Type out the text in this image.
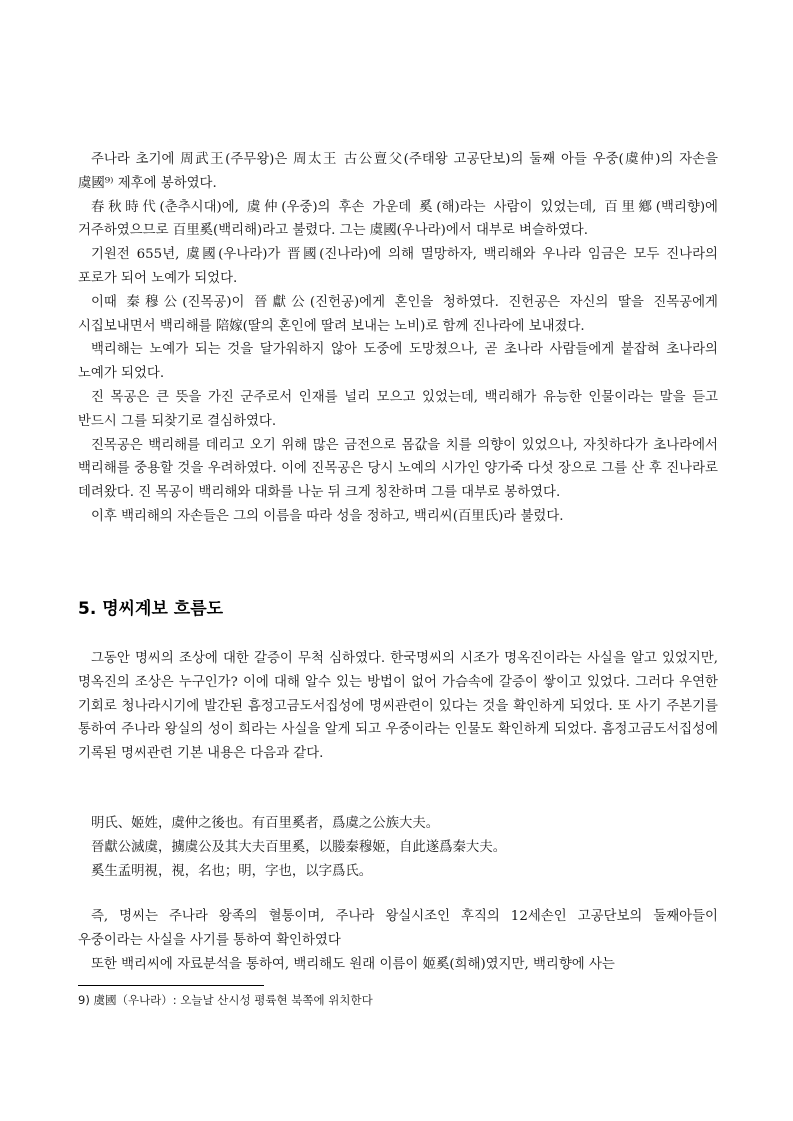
주나라 초기에 周武王(주무왕)은 周太王 古公亶父(주태왕 고공단보)의 둘째 아들 우중(虞仲)의 자손을 虞國⁹⁾ 제후에 봉하였다.

春秋時代(춘추시대)에, 虞仲(우중)의 후손 가운데 奚(해)라는 사람이 있었는데, 百里鄕(백리향)에 거주하였으므로 百里奚(백리해)라고 불렸다. 그는 虞國(우나라)에서 대부로 벼슬하였다.

기원전 655년, 虞國(우나라)가 晋國(진나라)에 의해 멸망하자, 백리해와 우나라 임금은 모두 진나라의 포로가 되어 노예가 되었다.

이때 秦穆公(진목공)이 晉獻公(진헌공)에게 혼인을 청하였다. 진헌공은 자신의 딸을 진목공에게 시집보내면서 백리해를 陪嫁(딸의 혼인에 딸려 보내는 노비)로 함께 진나라에 보내졌다.

백리해는 노예가 되는 것을 달가워하지 않아 도중에 도망쳤으나, 곧 초나라 사람들에게 붙잡혀 초나라의 노예가 되었다.

진 목공은 큰 뜻을 가진 군주로서 인재를 널리 모으고 있었는데, 백리해가 유능한 인물이라는 말을 듣고 반드시 그를 되찾기로 결심하였다.

진목공은 백리해를 데리고 오기 위해 많은 금전으로 몸값을 치를 의향이 있었으나, 자칫하다가 초나라에서 백리해를 중용할 것을 우려하였다. 이에 진목공은 당시 노예의 시가인 양가죽 다섯 장으로 그를 산 후 진나라로 데려왔다. 진 목공이 백리해와 대화를 나눈 뒤 크게 칭찬하며 그를 대부로 봉하였다.

이후 백리해의 자손들은 그의 이름을 따라 성을 정하고, 백리씨(百里氏)라 불렀다.

5. 명씨계보 흐름도

그동안 명씨의 조상에 대한 갈증이 무척 심하였다. 한국명씨의 시조가 명옥진이라는 사실을 알고 있었지만, 명옥진의 조상은 누구인가? 이에 대해 알수 있는 방법이 없어 가슴속에 갈증이 쌓이고 있었다. 그러다 우연한 기회로 청나라시기에 발간된 흠정고금도서집성에 명씨관련이 있다는 것을 확인하게 되었다. 또 사기 주본기를 통하여 주나라 왕실의 성이 희라는 사실을 알게 되고 우중이라는 인물도 확인하게 되었다. 흠정고금도서집성에 기록된 명씨관련 기본 내용은 다음과 같다.

明氏、姬姓，虞仲之後也。有百里奚者，爲虞之公族大夫。

晉獻公滅虞，擄虞公及其大夫百里奚，以媵秦穆姬，自此遂爲秦大夫。

奚生孟明視，視，名也；明，字也，以字爲氏。

즉, 명씨는 주나라 왕족의 혈통이며, 주나라 왕실시조인 후직의 12세손인 고공단보의 둘째아들이 우중이라는 사실을 사기를 통하여 확인하였다

또한 백리씨에 자료분석을 통하여, 백리해도 원래 이름이 姬奚(희해)였지만, 백리향에 사는

9) 虞國（우나라）: 오늘날 산시성 평륙현 북쪽에 위치한다
